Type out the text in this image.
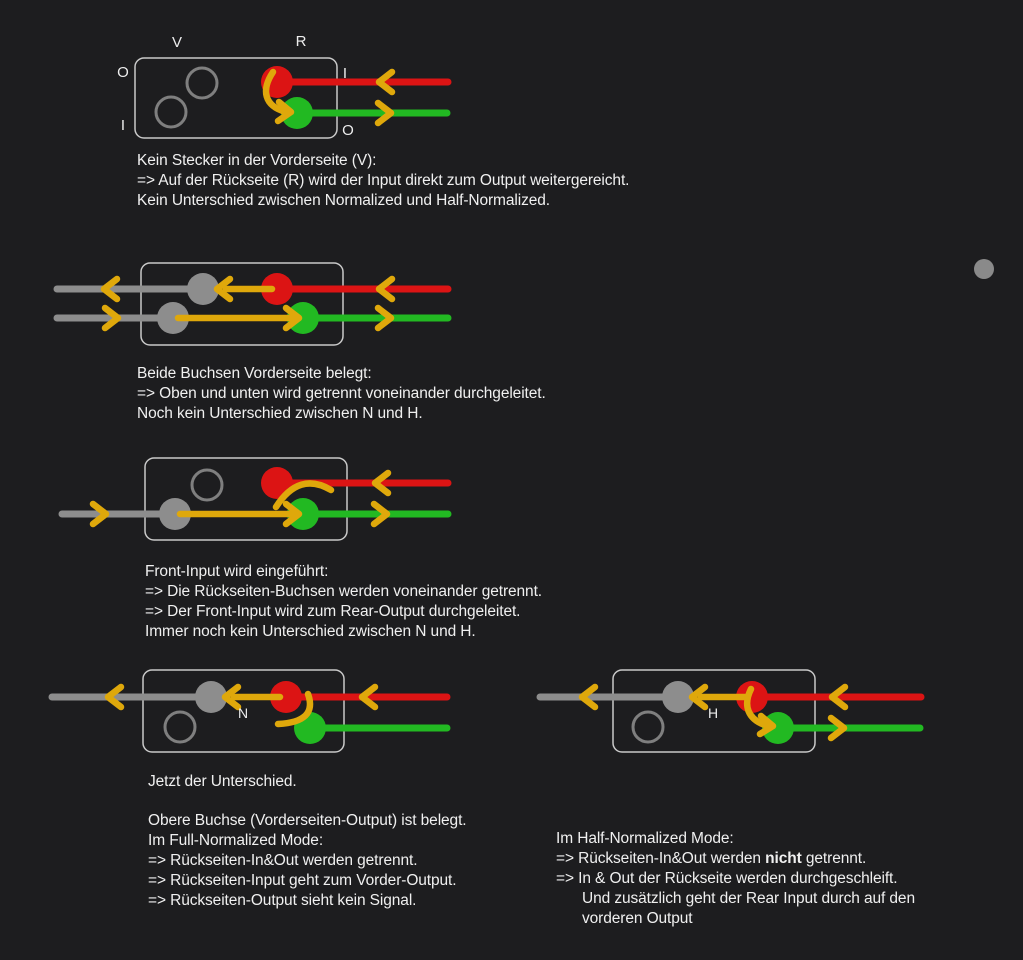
V	R
O
I
I
O
Kein Stecker in der Vorderseite (V):
=> Auf der Rückseite (R) wird der Input direkt zum Output weitergereicht.
Kein Unterschied zwischen Normalized und Half-Normalized.
Beide Buchsen Vorderseite belegt:
=> Oben und unten wird getrennt voneinander durchgeleitet.
Noch kein Unterschied zwischen N und H.
Front-Input wird eingeführt:
=> Die Rückseiten-Buchsen werden voneinander getrennt.
=> Der Front-Input wird zum Rear-Output durchgeleitet.
Immer noch kein Unterschied zwischen N und H.
N	H
Jetzt der Unterschied.
Obere Buchse (Vorderseiten-Output) ist belegt.
Im Full-Normalized Mode:
=> Rückseiten-In&Out werden getrennt.
=> Rückseiten-Input geht zum Vorder-Output.
=> Rückseiten-Output sieht kein Signal.
Im Half-Normalized Mode:
=> Rückseiten-In&Out werden nicht getrennt.
=> In & Out der Rückseite werden durchgeschleift.
Und zusätzlich geht der Rear Input durch auf den
vorderen Output
